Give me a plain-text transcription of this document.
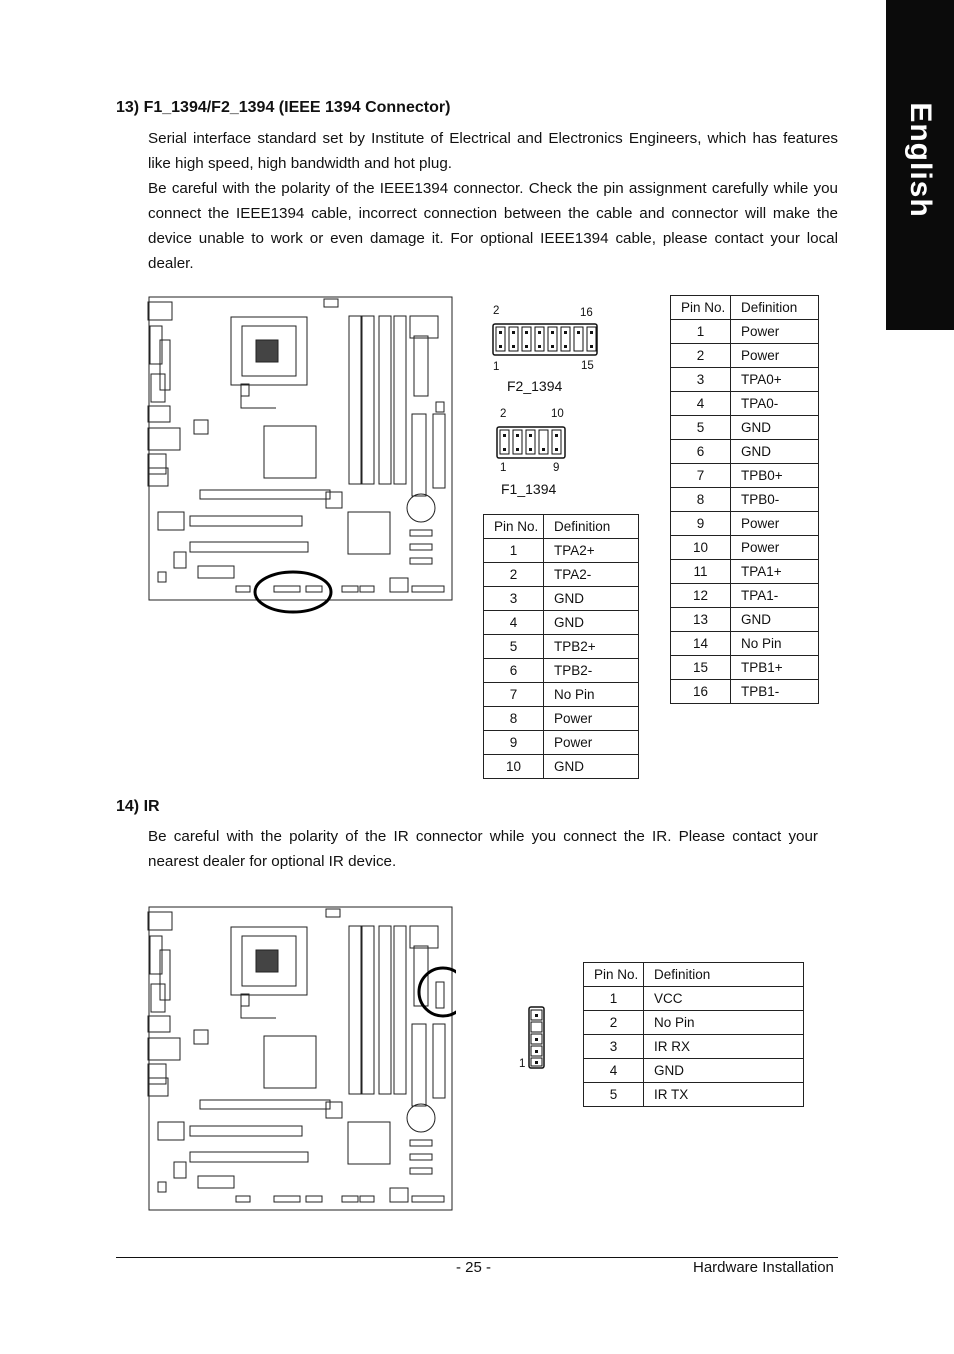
English
13) F1_1394/F2_1394 (IEEE 1394 Connector)

Serial interface standard set by Institute of Electrical and Electronics Engineers, which has features like high speed, high bandwidth and hot plug.

Be careful with the polarity of the IEEE1394 connector. Check the pin assignment carefully while you connect the IEEE1394 cable, incorrect connection between the cable and connector will make the device unable to work or even damage it. For optional IEEE1394 cable, please contact your local dealer.

2	16
1	15
F2_1394
2	10
1	9
F1_1394
Pin No.	Definition
1	TPA2+
2	TPA2-
3	GND
4	GND
5	TPB2+
6	TPB2-
7	No Pin
8	Power
9	Power
10	GND
Pin No.	Definition
1	Power
2	Power
3	TPA0+
4	TPA0-
5	GND
6	GND
7	TPB0+
8	TPB0-
9	Power
10	Power
11	TPA1+
12	TPA1-
13	GND
14	No Pin
15	TPB1+
16	TPB1-
14) IR

Be careful with the polarity of the IR connector while you connect the IR. Please contact your nearest dealer for optional IR device.

1
Pin No.	Definition
1	VCC
2	No Pin
3	IR RX
4	GND
5	IR TX
- 25 -	Hardware Installation
